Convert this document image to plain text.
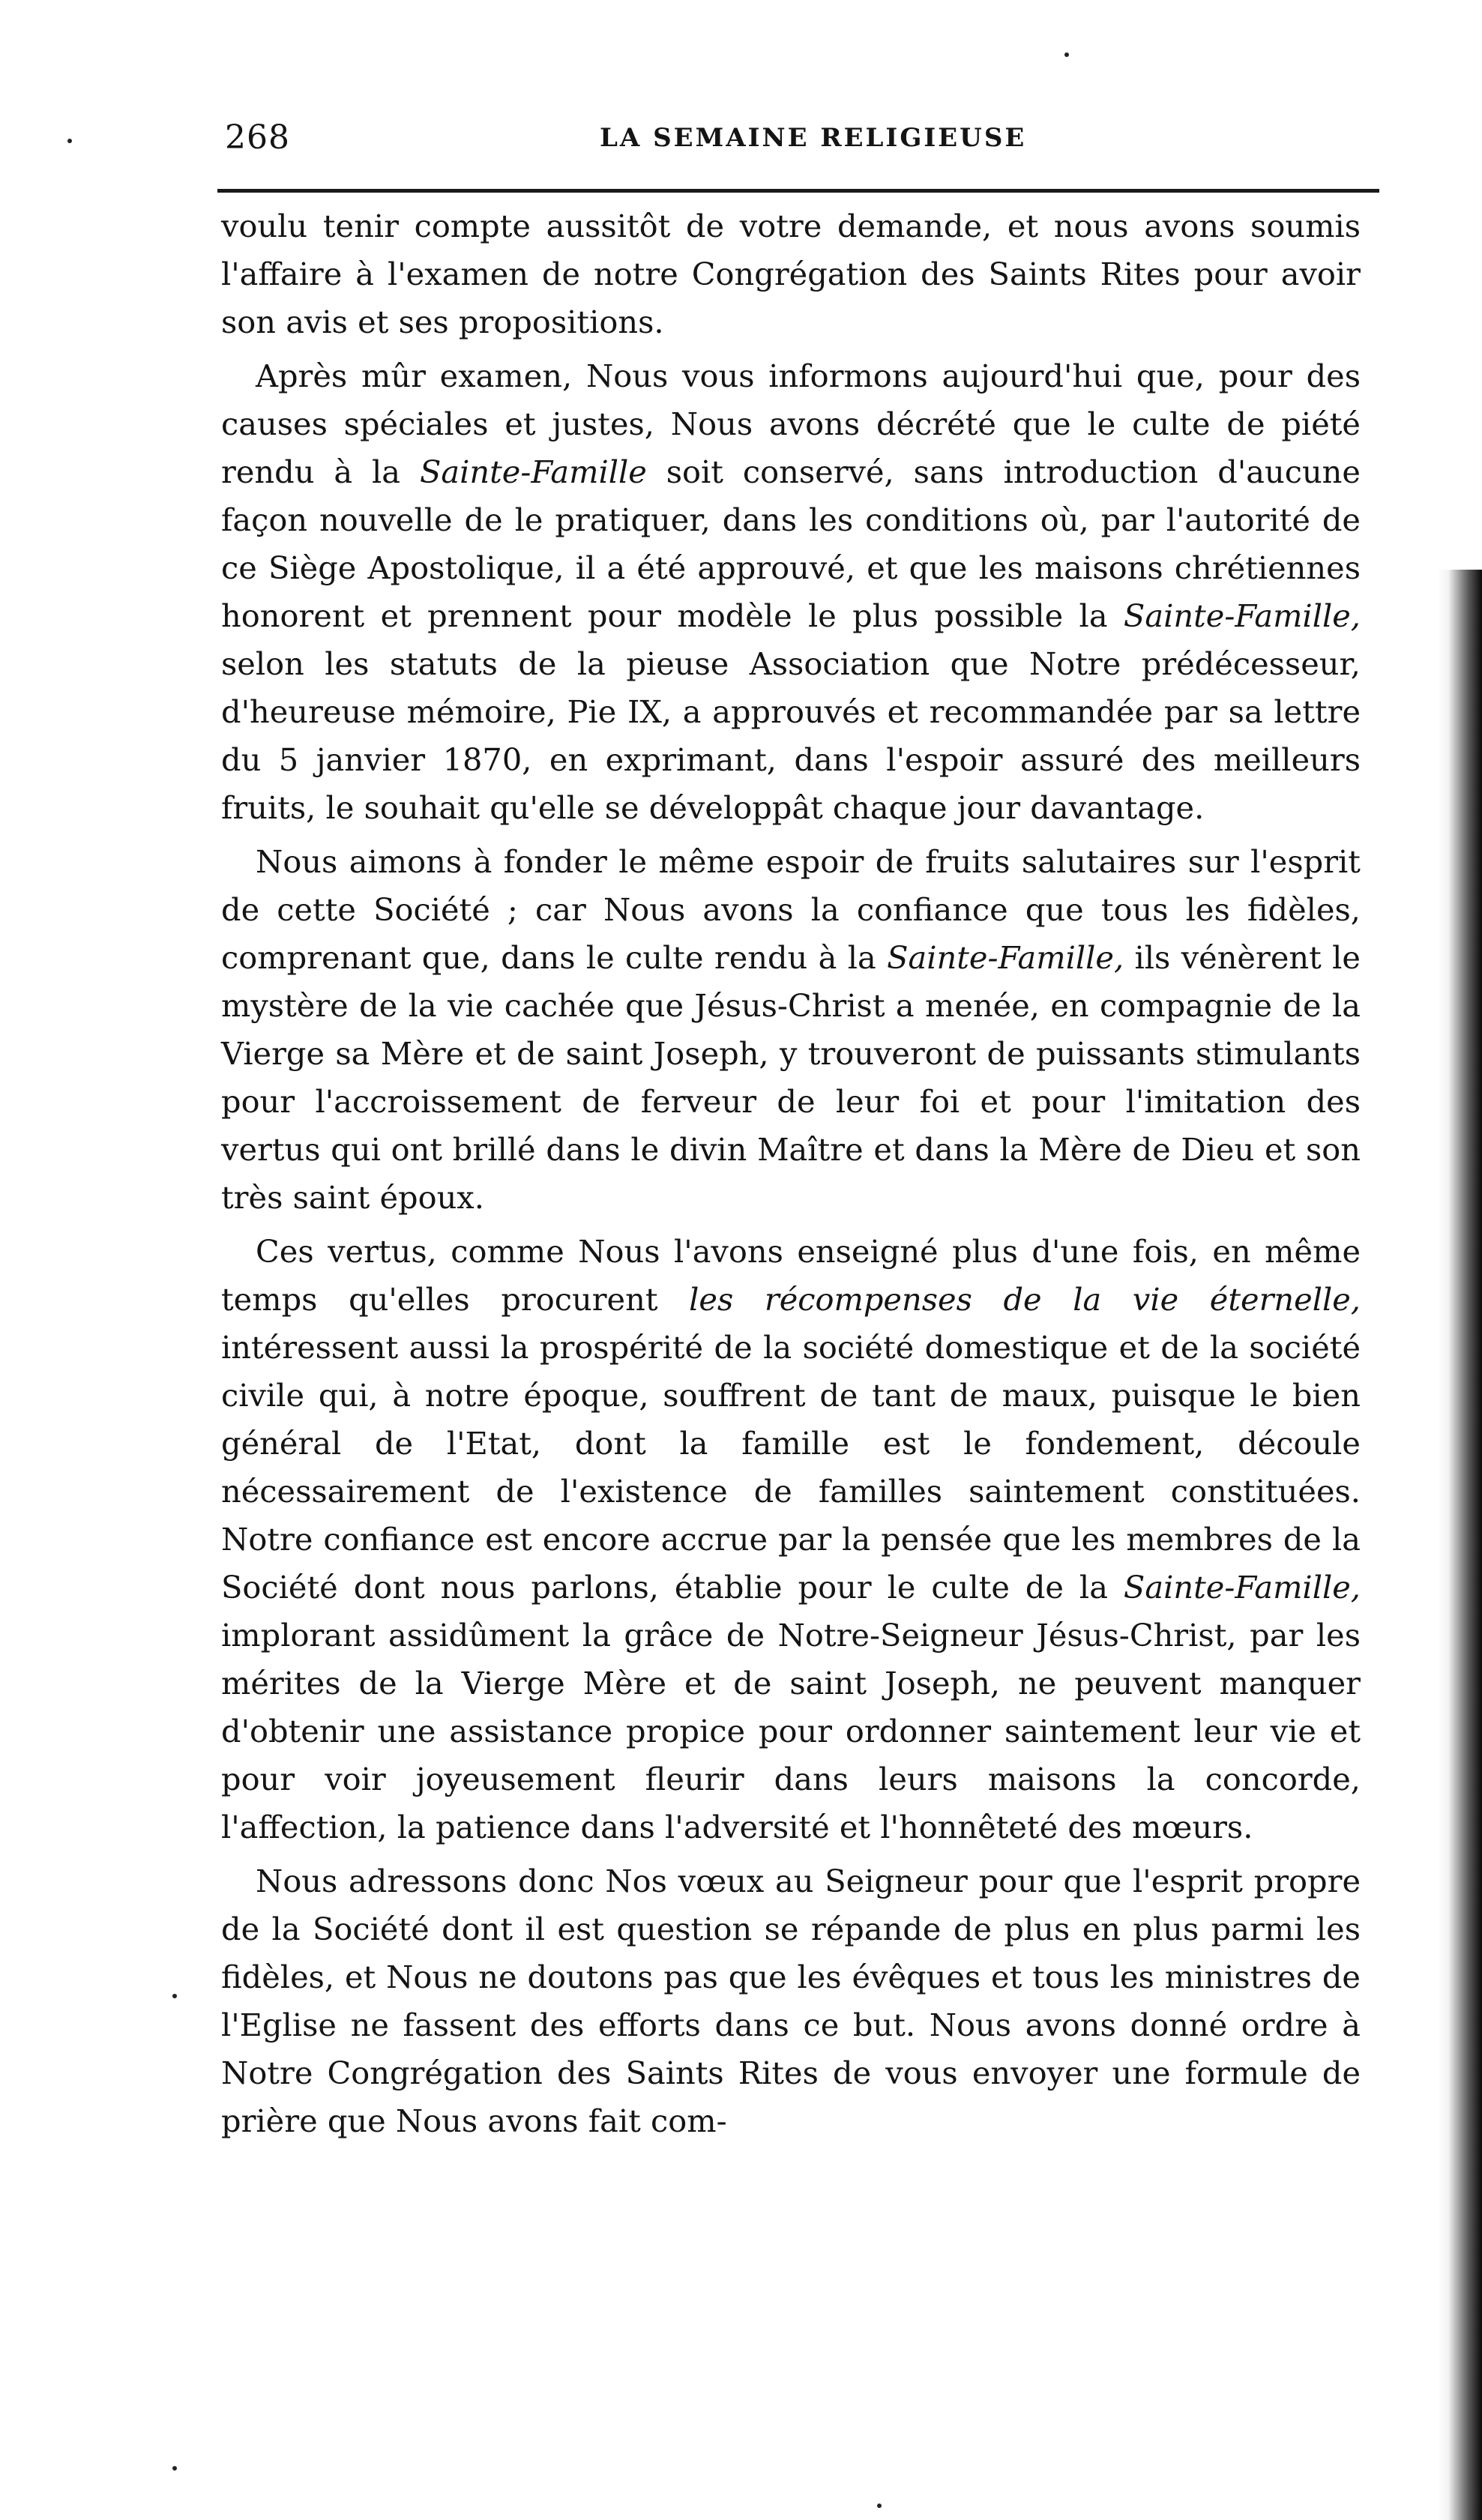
268	LA SEMAINE RELIGIEUSE

voulu tenir compte aussitôt de votre demande, et nous avons soumis l'affaire à l'examen de notre Congrégation des Saints Rites pour avoir son avis et ses propositions.

Après mûr examen, Nous vous informons aujourd'hui que, pour des causes spéciales et justes, Nous avons décrété que le culte de piété rendu à la Sainte-Famille soit conservé, sans introduction d'aucune façon nouvelle de le pratiquer, dans les conditions où, par l'autorité de ce Siège Apostolique, il a été approuvé, et que les maisons chrétiennes honorent et prennent pour modèle le plus possible la Sainte-Famille, selon les statuts de la pieuse Association que Notre prédécesseur, d'heureuse mémoire, Pie IX, a approuvés et recommandée par sa lettre du 5 janvier 1870, en exprimant, dans l'espoir assuré des meilleurs fruits, le souhait qu'elle se développât chaque jour davantage.

Nous aimons à fonder le même espoir de fruits salutaires sur l'esprit de cette Société ; car Nous avons la confiance que tous les fidèles, comprenant que, dans le culte rendu à la Sainte-Famille, ils vénèrent le mystère de la vie cachée que Jésus-Christ a menée, en compagnie de la Vierge sa Mère et de saint Joseph, y trouveront de puissants stimulants pour l'accroissement de ferveur de leur foi et pour l'imitation des vertus qui ont brillé dans le divin Maître et dans la Mère de Dieu et son très saint époux.

Ces vertus, comme Nous l'avons enseigné plus d'une fois, en même temps qu'elles procurent les récompenses de la vie éternelle, intéressent aussi la prospérité de la société domestique et de la société civile qui, à notre époque, souffrent de tant de maux, puisque le bien général de l'Etat, dont la famille est le fondement, découle nécessairement de l'existence de familles saintement constituées. Notre confiance est encore accrue par la pensée que les membres de la Société dont nous parlons, établie pour le culte de la Sainte-Famille, implorant assidûment la grâce de Notre-Seigneur Jésus-Christ, par les mérites de la Vierge Mère et de saint Joseph, ne peuvent manquer d'obtenir une assistance propice pour ordonner saintement leur vie et pour voir joyeusement fleurir dans leurs maisons la concorde, l'affection, la patience dans l'adversité et l'honnêteté des mœurs.

Nous adressons donc Nos vœux au Seigneur pour que l'esprit propre de la Société dont il est question se répande de plus en plus parmi les fidèles, et Nous ne doutons pas que les évêques et tous les ministres de l'Eglise ne fassent des efforts dans ce but. Nous avons donné ordre à Notre Congrégation des Saints Rites de vous envoyer une formule de prière que Nous avons fait com-
